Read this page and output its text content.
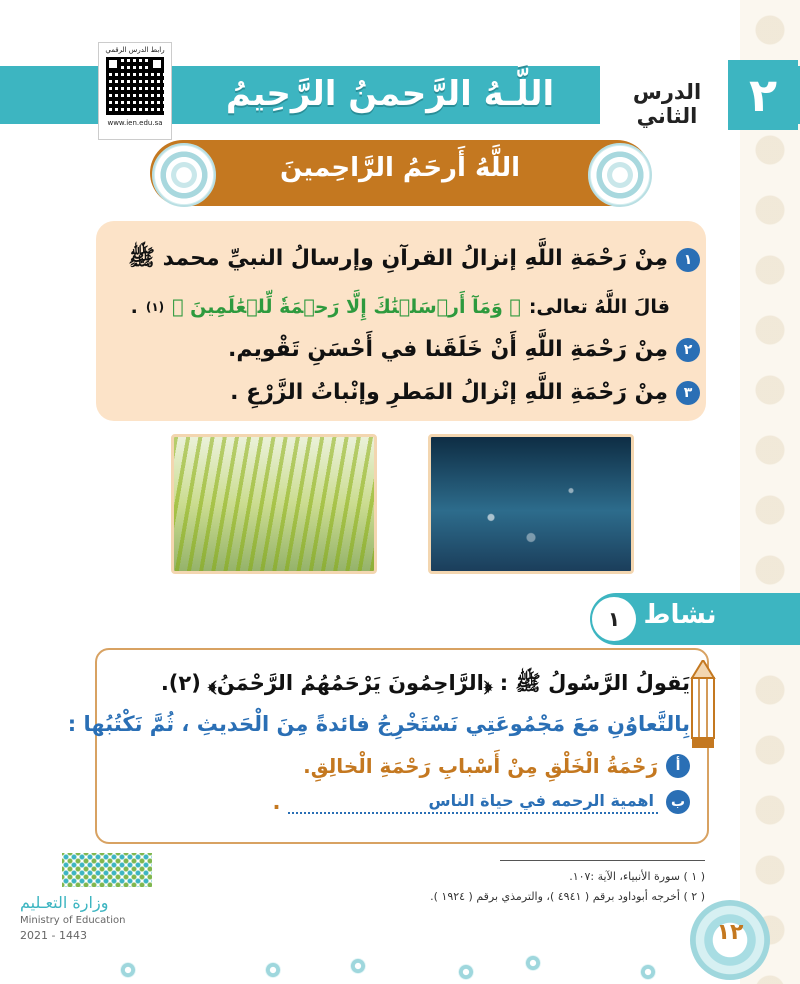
٢
الدرس الثاني
اللَّـهُ الرَّحمنُ الرَّحِيمُ
رابط الدرس الرقمي
www.ien.edu.sa
اللَّهُ أَرحَمُ الرَّاحِمينَ
١
مِنْ رَحْمَةِ اللَّهِ إنزالُ القرآنِ وإرسالُ النبيِّ محمد ﷺ
قالَ اللَّهُ تعالى:
﴿ وَمَآ أَرۡسَلۡنَٰكَ إِلَّا رَحۡمَةٗ لِّلۡعَٰلَمِينَ ﴾
(١)
.
٢
مِنْ رَحْمَةِ اللَّهِ أَنْ خَلَقَنا في أَحْسَنِ تَقْويم.
٣
مِنْ رَحْمَةِ اللَّهِ إنْزالُ المَطرِ وإنْباتُ الزَّرْعِ .
نشاط
١
يَقولُ الرَّسُولُ ﷺ : ﴿الرَّاحِمُونَ يَرْحَمُهُمُ الرَّحْمَنُ﴾ (٢).
بِالتَّعاوُنِ مَعَ مَجْمُوعَتِي نَسْتَخْرِجُ فائدةً مِنَ الْحَديثِ ، ثُمَّ نَكْتُبُها :
أ
رَحْمَةُ الْخَلْقِ مِنْ أَسْبابِ رَحْمَةِ الْخالِقِ.
ب
اهمية الرحمه في حياة الناس
.
( ١ ) سورة الأنبياء، الآية :١٠٧.
( ٢ ) أخرجه أبوداود برقم ( ٤٩٤١ )، والترمذي برقم ( ١٩٢٤ ).
وزارة التعـليم
Ministry of Education
2021 - 1443	١٢
